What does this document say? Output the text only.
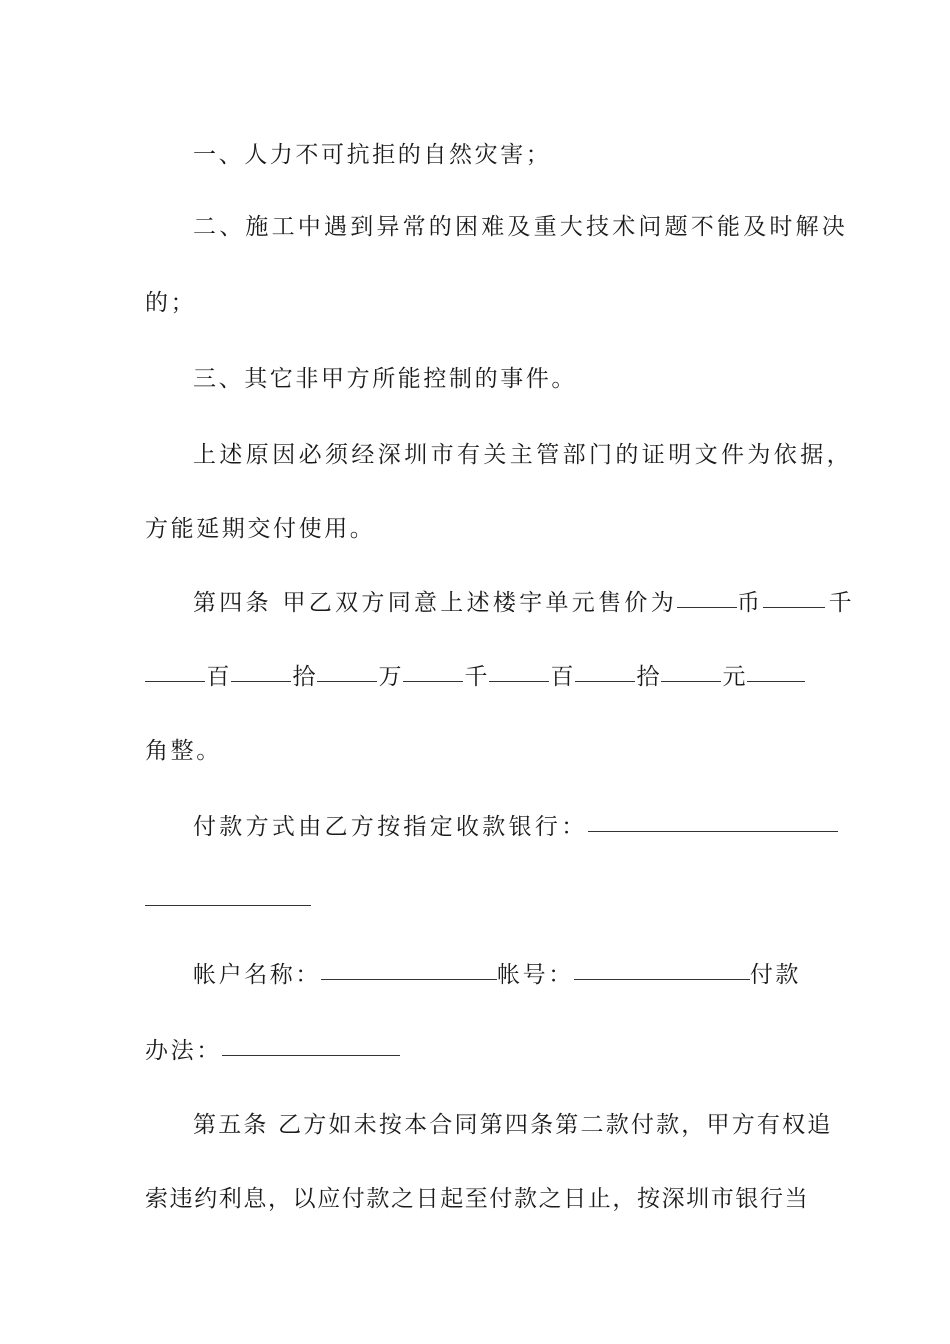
一、人力不可抗拒的自然灾害；
二、施工中遇到异常的困难及重大技术问题不能及时解决
的；
三、其它非甲方所能控制的事件。
上述原因必须经深圳市有关主管部门的证明文件为依据，
方能延期交付使用。
第四条 甲乙双方同意上述楼宇单元售价为	币	千
百	拾	万	千	百	拾	元
角整。
付款方式由乙方按指定收款银行：
帐户名称：	帐号：	付款
办法：
第五条 乙方如未按本合同第四条第二款付款，甲方有权追
索违约利息，以应付款之日起至付款之日止，按深圳市银行当
